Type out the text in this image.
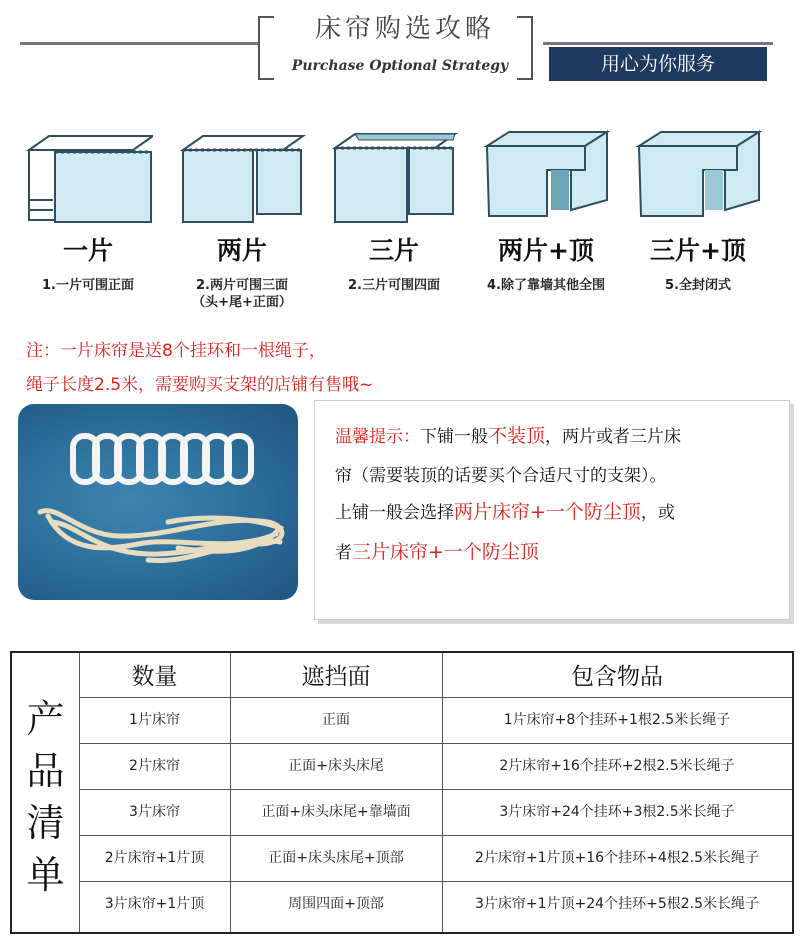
床帘购选攻略
Purchase Optional Strategy	用心为你服务
一片
1.一片可围正面
两片
2.两片可围三面
（头+尾+正面）
三片
2.三片可围四面
两片+顶
4.除了靠墙其他全围
三片+顶
5.全封闭式
注：一片床帘是送8个挂环和一根绳子，
绳子长度2.5米，需要购买支架的店铺有售哦~

温馨提示：下铺一般不装顶，两片或者三片床

帘（需要装顶的话要买个合适尺寸的支架）。

上铺一般会选择两片床帘+一个防尘顶，或

者三片床帘+一个防尘顶

产
品
清
单
数量	遮挡面	包含物品
1片床帘	正面	1片床帘+8个挂环+1根2.5米长绳子
2片床帘	正面+床头床尾	2片床帘+16个挂环+2根2.5米长绳子
3片床帘	正面+床头床尾+靠墙面	3片床帘+24个挂环+3根2.5米长绳子
2片床帘+1片顶	正面+床头床尾+顶部	2片床帘+1片顶+16个挂环+4根2.5米长绳子
3片床帘+1片顶	周围四面+顶部	3片床帘+1片顶+24个挂环+5根2.5米长绳子
